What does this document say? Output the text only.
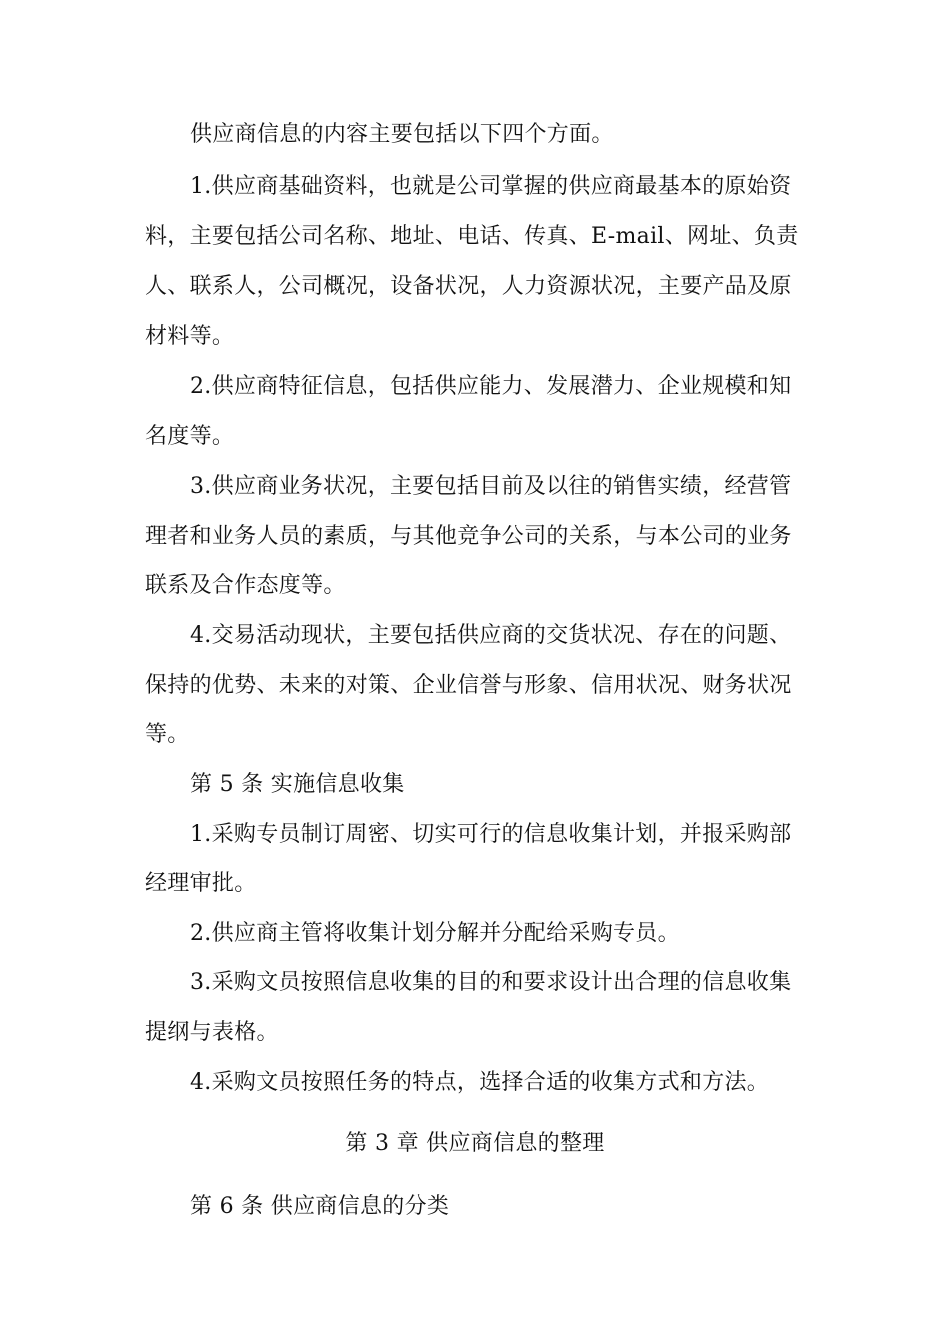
供应商信息的内容主要包括以下四个方面。
1.供应商基础资料，也就是公司掌握的供应商最基本的原始资
料，主要包括公司名称、地址、电话、传真、E-mail、网址、负责
人、联系人，公司概况，设备状况，人力资源状况，主要产品及原
材料等。
2.供应商特征信息，包括供应能力、发展潜力、企业规模和知
名度等。
3.供应商业务状况，主要包括目前及以往的销售实绩，经营管
理者和业务人员的素质，与其他竞争公司的关系，与本公司的业务
联系及合作态度等。
4.交易活动现状，主要包括供应商的交货状况、存在的问题、
保持的优势、未来的对策、企业信誉与形象、信用状况、财务状况
等。
第 5 条 实施信息收集
1.采购专员制订周密、切实可行的信息收集计划，并报采购部
经理审批。
2.供应商主管将收集计划分解并分配给采购专员。
3.采购文员按照信息收集的目的和要求设计出合理的信息收集
提纲与表格。
4.采购文员按照任务的特点，选择合适的收集方式和方法。
第 3 章 供应商信息的整理
第 6 条 供应商信息的分类
